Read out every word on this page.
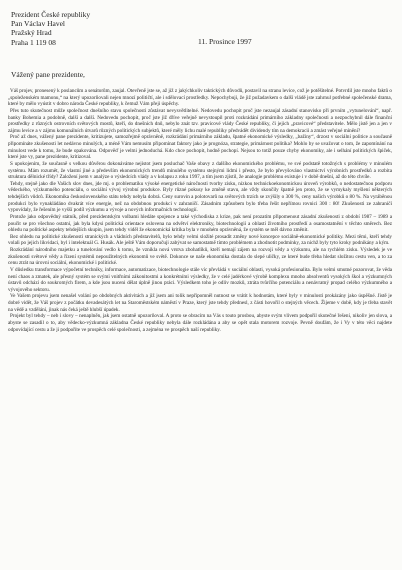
Prezident České republiky
Pan Václav Havel
Pražský Hrad
Praha 1 119 08	11. Prosince 1997
Vážený pane prezidente,

Váš projev, pronesený k poslancům a senátorům, zaujal. Otevřeně jste se, až již z jakýchkoliv taktických důvodů, postavil na stranu levice, což je potěšitelné. Potvrdil jste mnoho faktů o „spoleženském mamonu,“ na který upozorňovali nejen mnozí političtí, ale i sdělovací prostředky. Nepochybuji, že již požadavkem o další vládě jste zahrnul potřebné společenské drama, které by mělo vyústit v dobro národa České republiky, k čemuž Vám přeji úspěchy.

Přes tuto skutečnost může společnost dnešního stavu společnosti zůstávat nevysvětlitelné. Nedovedu pochopit proč jste nezaujal zásadní stanovisko při prvním „vytunelování“, např. banky Bohemia a podobně, další a další. Nedovedu pochopit, proč jste již dříve veřejně nevystoupil proti rozkrádání primárního základny společnosti a nezpochybnil dále finanční prostředky z různých ostrovních světových mostů, kteří, do dnešních dnů, nebylo znát tzv. pravicové vlády České republiky, či jejich „pravicové“ představitele. Mělo jistě jen a jen v zájmu levice a v zájmu komunálních útvarů různých politických subjektů, které měly lichu malé republiky předvádět dividendy tím na demokracii a zmást veřejné mínění?

Proč až dnes, vážený pane prezidente, kritizujete, samozřejmě oprávněně, rozkrádání primárního základu, špatné ekonomické výsledky, „bažiny“, drzost v sociální politice a současně připomínáte zkušenosti let nedávno minulých, a méně Vám nemusím připomínat faktory jako je prognóza, strategie, primárnost politika? Mohlo by se uvažovat o tom, že zapomínání na minulost vede k tomu, že bude opakována. Odpověď je velmi jednoduchá. Kdo chce pochopit, hodně pochopí. Nejsou to totiž pouze chyby ekonomiky, ale i selhání politických špiček, které jste vy, pane prezidente, kritizoval.

S upokojením, že současně s velkou důvěrou dokonáváme nejistot jsem posluchač Vaše obavy z dalšího ekonomického problému, ve své podstatě totožných s problémy v minulém systému. Mám rozumět, že vlastní jiné a především ekonomických trendů minulého systému stejnými lidmi i přesto, že bylo převyšováno vlastnictví výrobních prostředků a rozbita struktura dělnické třídy? Založení jsem v analýze o výsledcích vlády a v kolapsu z roku 1997, a tím jsem zjistil, že analogie problému existuje i v době dnešní, až do této chvíle.

Tehdy, stejně jako dle Vašich slov dnes, jde mj. o problematiku výsoké energetické náročnosti tvorby zisku, nízkou technickoekonomickou úroveň výrobků, o nedostatečnou podporu vědeckého, výzkumného potenciálu, o sociální vývoj výrobní produkce. Byly různé pokusy ke změně stavu, ale vždy skončily špatně jen proto, že se vymykaly myšlení některých tehdejších vůdců. Ekonomika československého státu tehdy nebyla dobrá. Ceny surovin a polotovarů na světových trzích se zvýšily o 300 %, ceny našich výrobků o 80 %. Na vyráběnou produkci bylo vynakládáno dvakrát více energie, než na obdobnou produkci v zahraničí. Zásadním způsobem bylo třeba řešit nepřímou rovnici 300 : 80! Zkušenosti ze zahraničí vypovídaly, že řešením je vyšší podíl výzkumu a vývoje a nových informačních technologií.

Protože jako odpovědný státník, před prezidentským volbami hledáte spojence a také východiska z krize, pak není prozatím připomenout zásadní zkušenosti z období 1987 – 1989 a poučit se pro všechno ostatní, jak byla kdysi politická orientace oslovena na odvětví elektroniky, biotechnologií a oblastí životního prostředí a osamostatnění v těchto směrech. Bez ohledu na politické aspekty tehdejších skupin, jsem tehdy viděl že ekonomická kritika byla v mnohém oprávněná, že systém se měl dávno změnit.

Bez ohledu na politické zkušenosti stranických a vládních představitelů, bylo tehdy velmi složité prosadit změny nové koncepce sociálně-ekonomické politiky. Mezi těmi, kteří tehdy volali po jejich likvidaci, byl i intelektuál G. Husák. Ale ještě Vám doporučuji zabývat se samostatně tímto problémem a zhodnotit podmínky, za nichž byly tyto kroky podnikány a kým.

Rozkrádání národního majetku a tunelování vedlo k tomu, že vznikla nová vrstva zbohatlíků, kteří nemají zájem na rozvoji vědy a výzkumu, ale na rychlém zisku. Výsledek je ve zkušenosti světové vědy a řízení systémů nepoužitelných ekonomů ve světě. Dokonce se naše ekonomika dostala do slepé uličky, ze které bude třeba hledat složitou cestu ven, a to za cenu ztrát na úrovni sociální, ekonomické i politické.

V důsledku transformace výpočetní techniky, informace, automatizace, biotechnologie stále víc převládá v sociální oblasti, vysoká profesionalita. Bylo velmi smutné pozorovat, že věda není chaos a zmatek, ale přesný systém se svými vnitřními zákonitostmi a konkrétními výsledky, že v celé jadérkové výrobě komplexu mnoho absolventů vysokých škol a výzkumných ústavů odchází do soukromých firem, a kde jsou nuceni dělat úplně jinou práci. Výsledkem toho je odliv mozků, ztráta tvůrčího potenciálu a nenávratný propad celého výzkumného a vývojového sektoru.

Ve Vašem projevu jsem nenašel volání po obdobných aktivitách a již jsem ani tolik nepřipomněl nutnost se vrátit k hodnotám, které byly v minulosti prokázány jako úspěšné. Jistě je dobré vidět, že Váš projev z počátku devadesátých let na Staroměstském náměstí v Praze, který jste tehdy přednesl, z části hovořil o stejných věcech. Žijeme v době, kdy je třeba stavět na vědě a vzdělání, jinak nás čeká ještě hlubší úpadek.

Projekt byl tehdy – neb i slovy – nenaplněn, jak jsem ostatně upozorňoval. A proto se obracím na Vás s touto prosbou, abyste svým vlivem podpořil skutečné řešení, nikoliv jen slova, a abyste se zasadil o to, aby vědecko-výzkumná základna České republiky nebyla dále rozkládána a aby se opět stala motorem rozvoje. Pevně doufám, že i Vy v této věci najdete odpovídající cestu a že ji podpoříte ve prospěch celé společnosti, a zejména ve prospěch naší republiky.
